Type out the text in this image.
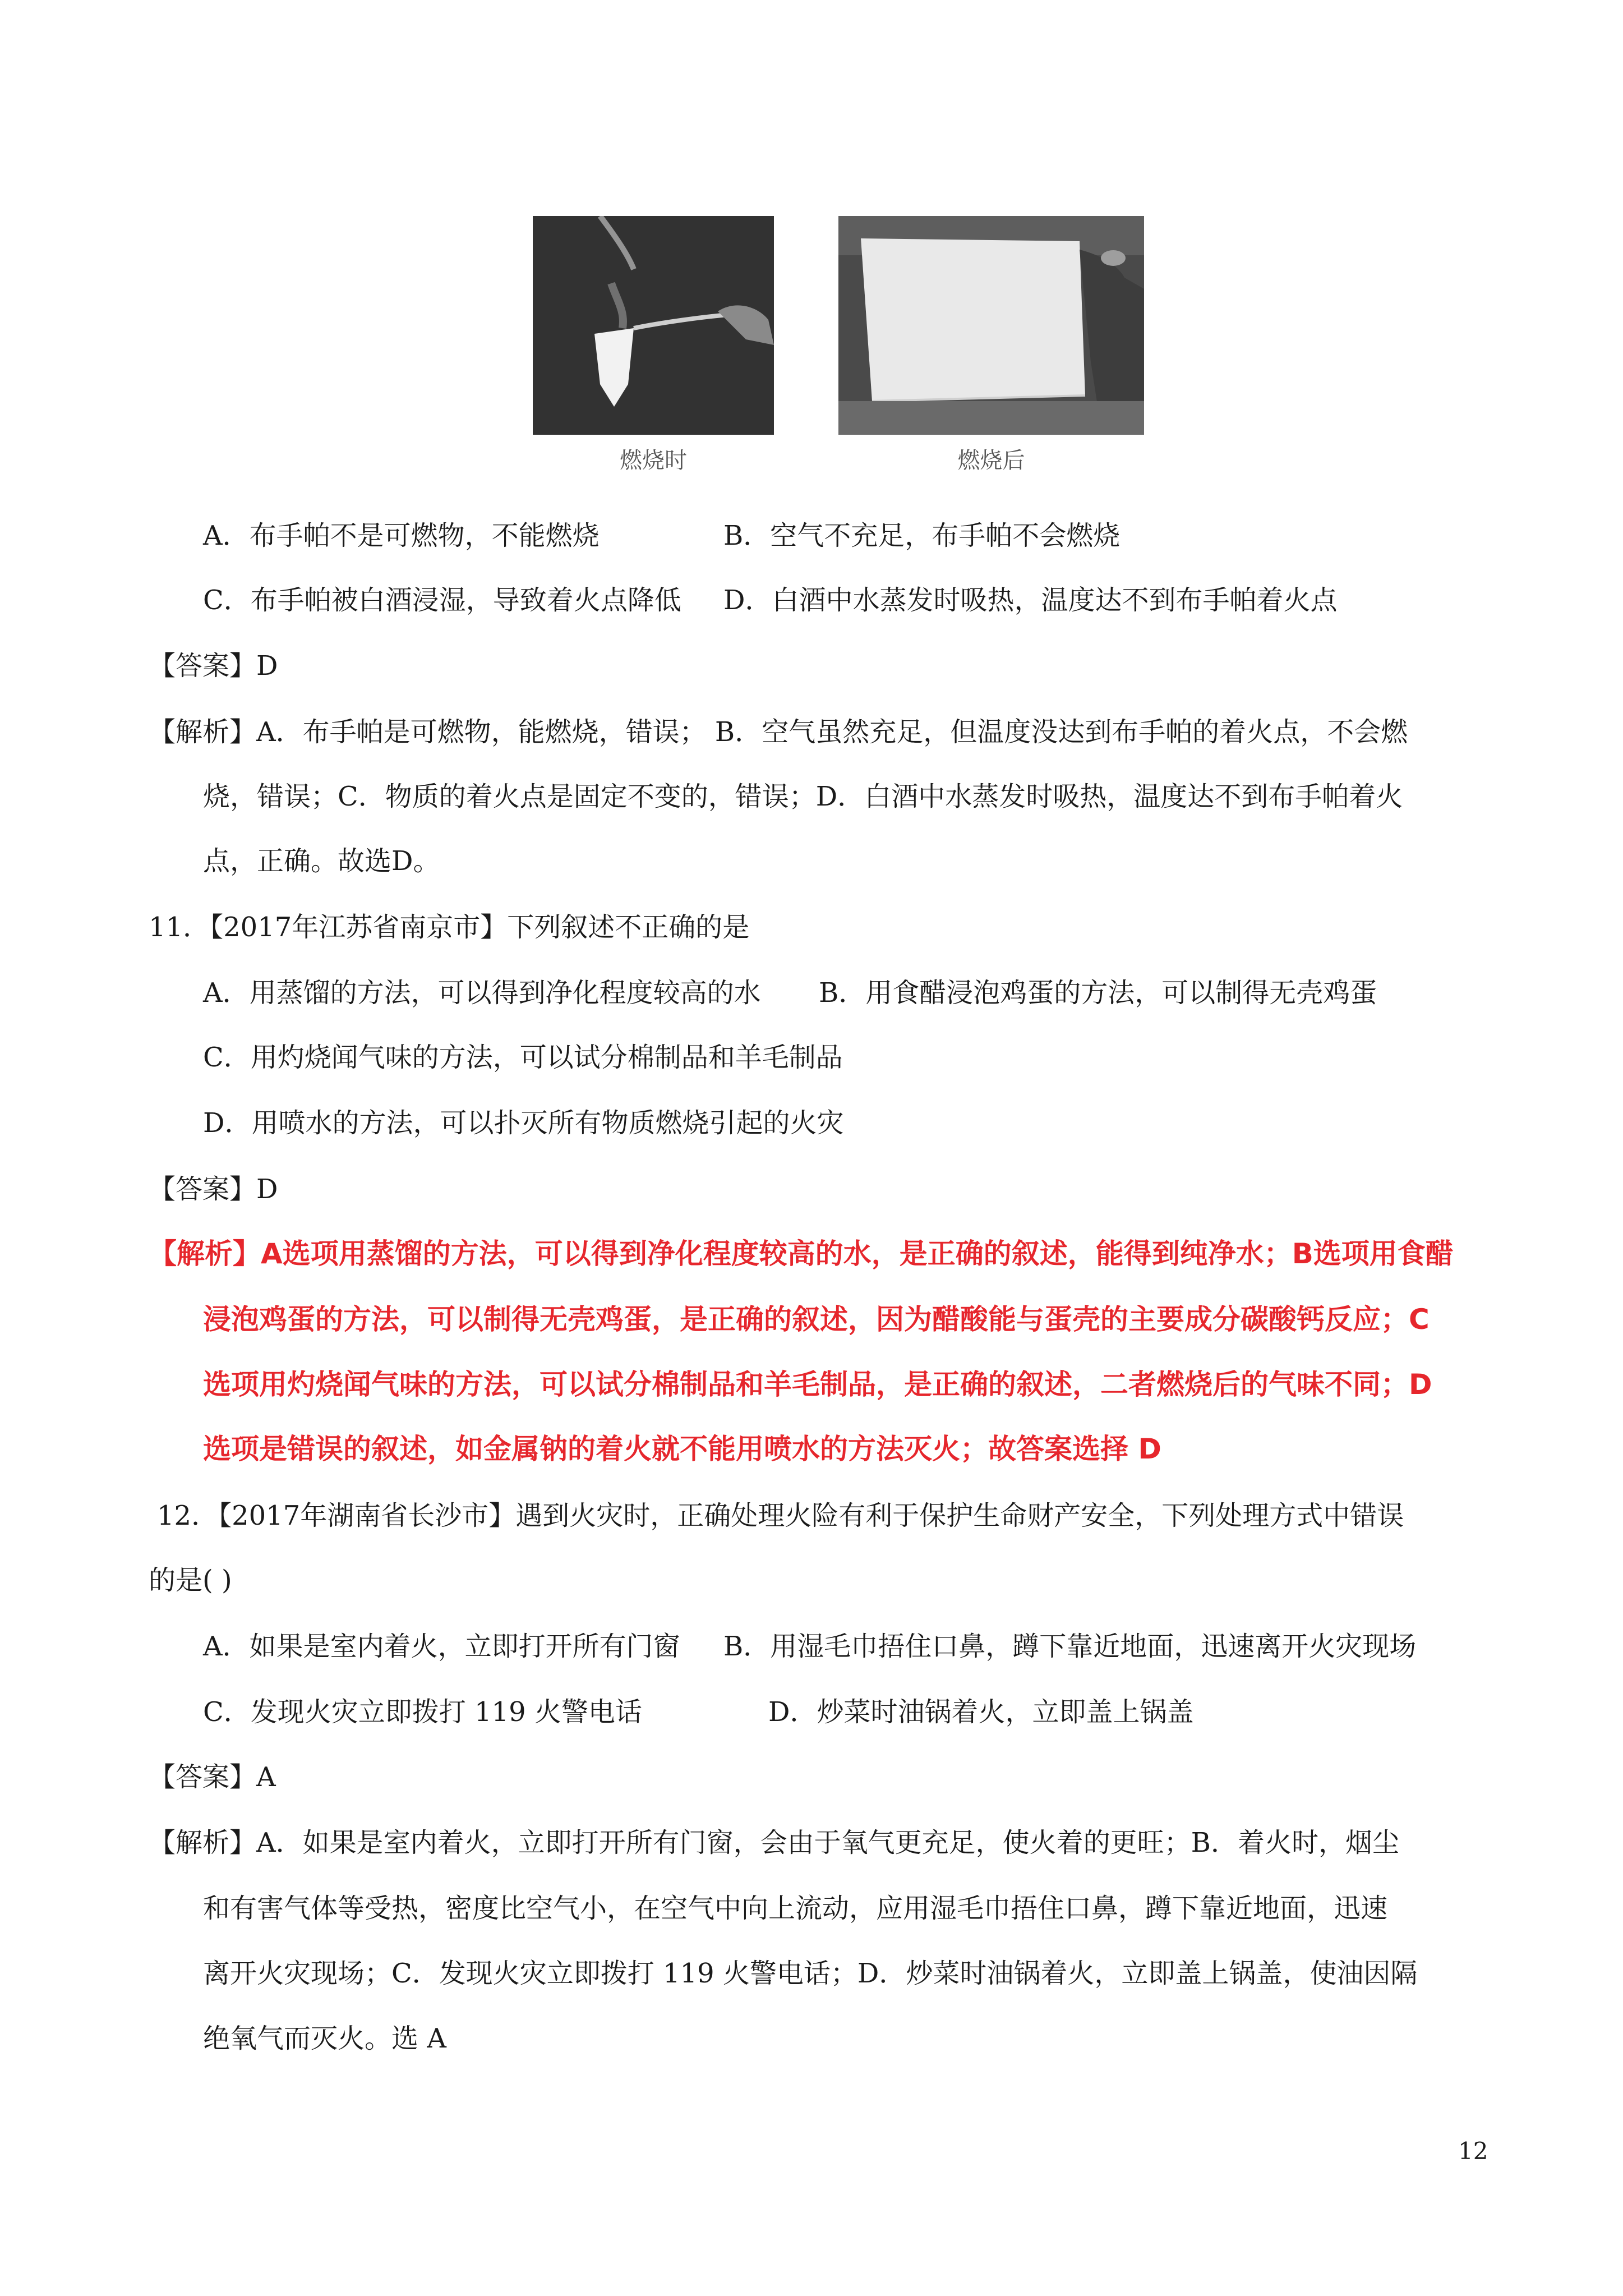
燃烧时	燃烧后
A．布手帕不是可燃物，不能燃烧	B．空气不充足，布手帕不会燃烧
C．布手帕被白酒浸湿，导致着火点降低 D．白酒中水蒸发时吸热，温度达不到布手帕着火点
【答案】D
【解析】A．布手帕是可燃物，能燃烧，错误； B．空气虽然充足，但温度没达到布手帕的着火点，不会燃
烧，错误；C．物质的着火点是固定不变的，错误；D．白酒中水蒸发时吸热，温度达不到布手帕着火
点，正确。故选D。
11．【2017年江苏省南京市】下列叙述不正确的是
A．用蒸馏的方法，可以得到净化程度较高的水 B．用食醋浸泡鸡蛋的方法，可以制得无壳鸡蛋
C．用灼烧闻气味的方法，可以试分棉制品和羊毛制品
D．用喷水的方法，可以扑灭所有物质燃烧引起的火灾
【答案】D
【解析】A选项用蒸馏的方法，可以得到净化程度较高的水，是正确的叙述，能得到纯净水；B选项用食醋
浸泡鸡蛋的方法，可以制得无壳鸡蛋，是正确的叙述，因为醋酸能与蛋壳的主要成分碳酸钙反应；C
选项用灼烧闻气味的方法，可以试分棉制品和羊毛制品，是正确的叙述，二者燃烧后的气味不同；D
选项是错误的叙述，如金属钠的着火就不能用喷水的方法灭火；故答案选择 D
12．【2017年湖南省长沙市】遇到火灾时，正确处理火险有利于保护生命财产安全，下列处理方式中错误
的是( )
A．如果是室内着火，立即打开所有门窗 B．用湿毛巾捂住口鼻，蹲下靠近地面，迅速离开火灾现场
C．发现火灾立即拨打 119 火警电话	D．炒菜时油锅着火，立即盖上锅盖
【答案】A
【解析】A．如果是室内着火，立即打开所有门窗，会由于氧气更充足，使火着的更旺；B．着火时，烟尘
和有害气体等受热，密度比空气小，在空气中向上流动，应用湿毛巾捂住口鼻，蹲下靠近地面，迅速
离开火灾现场；C．发现火灾立即拨打 119 火警电话；D．炒菜时油锅着火，立即盖上锅盖，使油因隔
绝氧气而灭火。选 A
12
